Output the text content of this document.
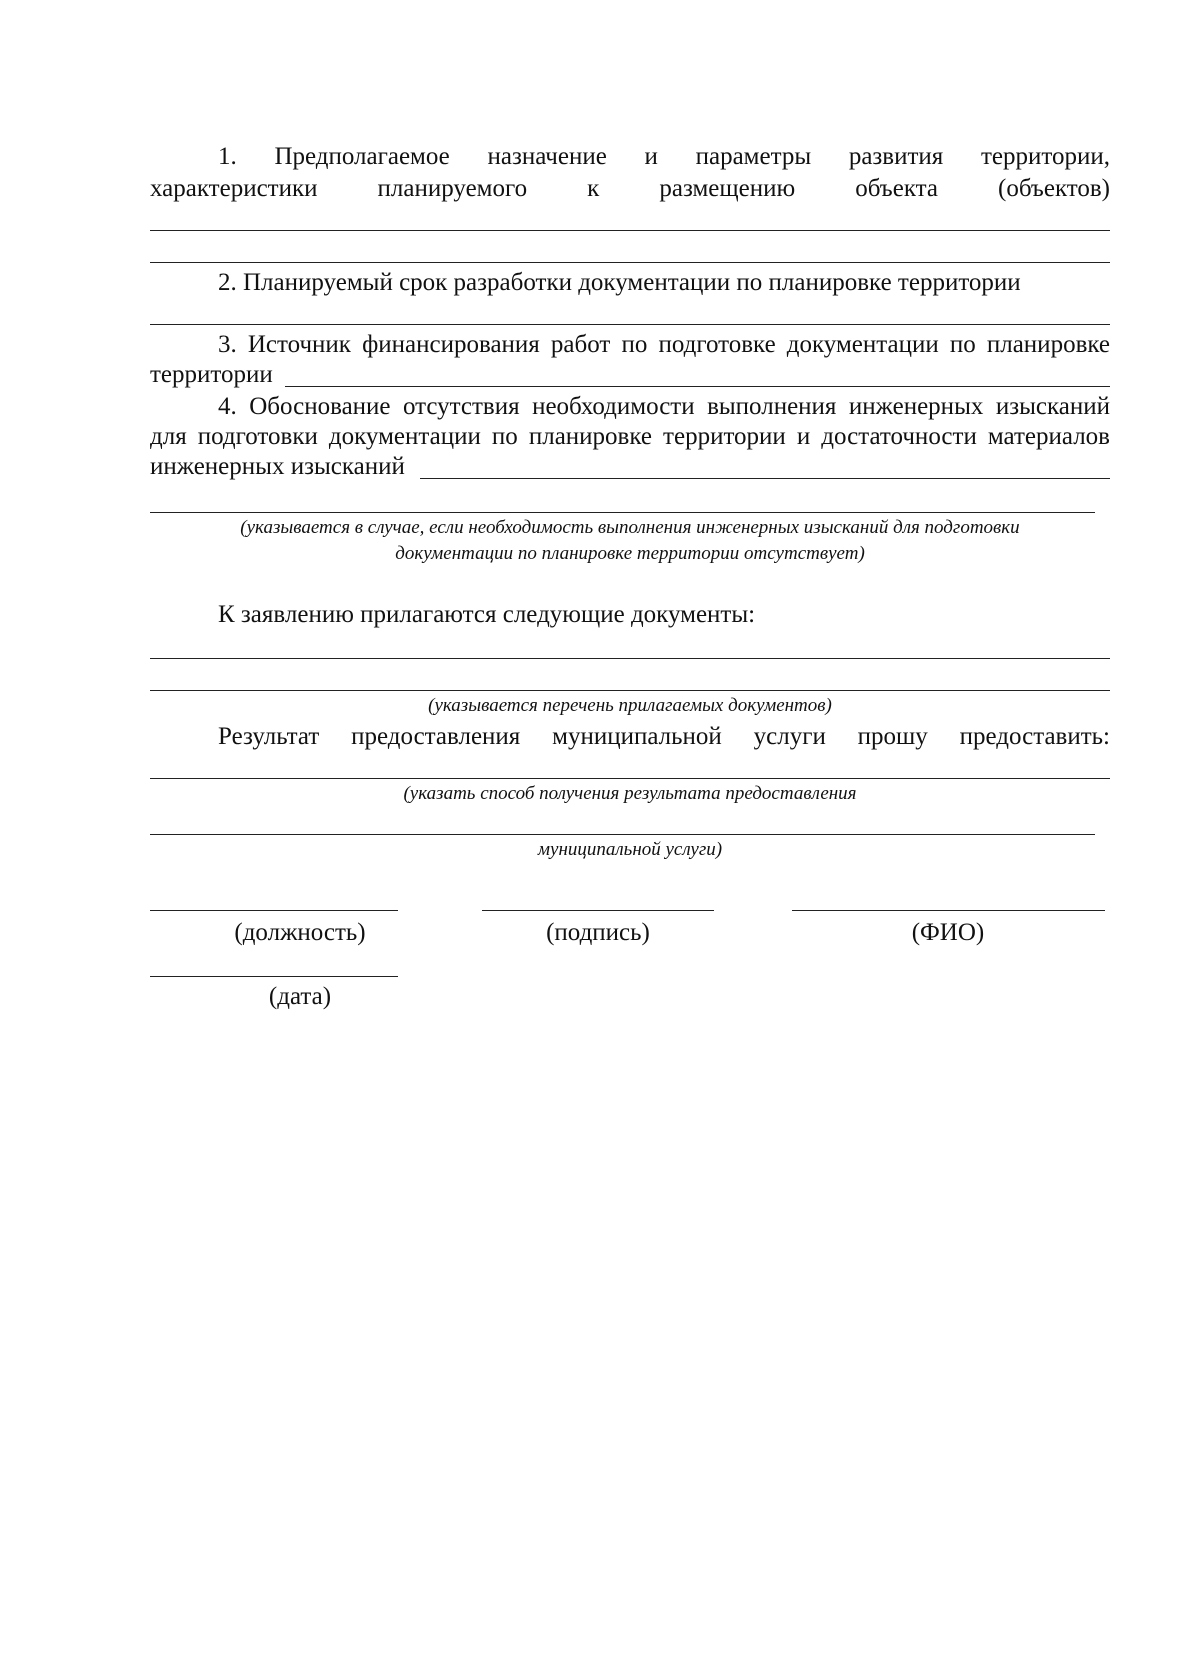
1. Предполагаемое назначение и параметры развития территории,
характеристики планируемого к размещению объекта (объектов)
2. Планируемый срок разработки документации по планировке территории
3. Источник финансирования работ по подготовке документации по планировке
территории
4. Обоснование отсутствия необходимости выполнения инженерных изысканий
для подготовки документации по планировке территории и достаточности материалов
инженерных изысканий
(указывается в случае, если необходимость выполнения инженерных изысканий для подготовки
документации по планировке территории отсутствует)
К заявлению прилагаются следующие документы:
(указывается перечень прилагаемых документов)
Результат предоставления муниципальной услуги прошу предоставить:
(указать способ получения результата предоставления
муниципальной услуги)
(должность)	(подпись)	(ФИО)
(дата)
